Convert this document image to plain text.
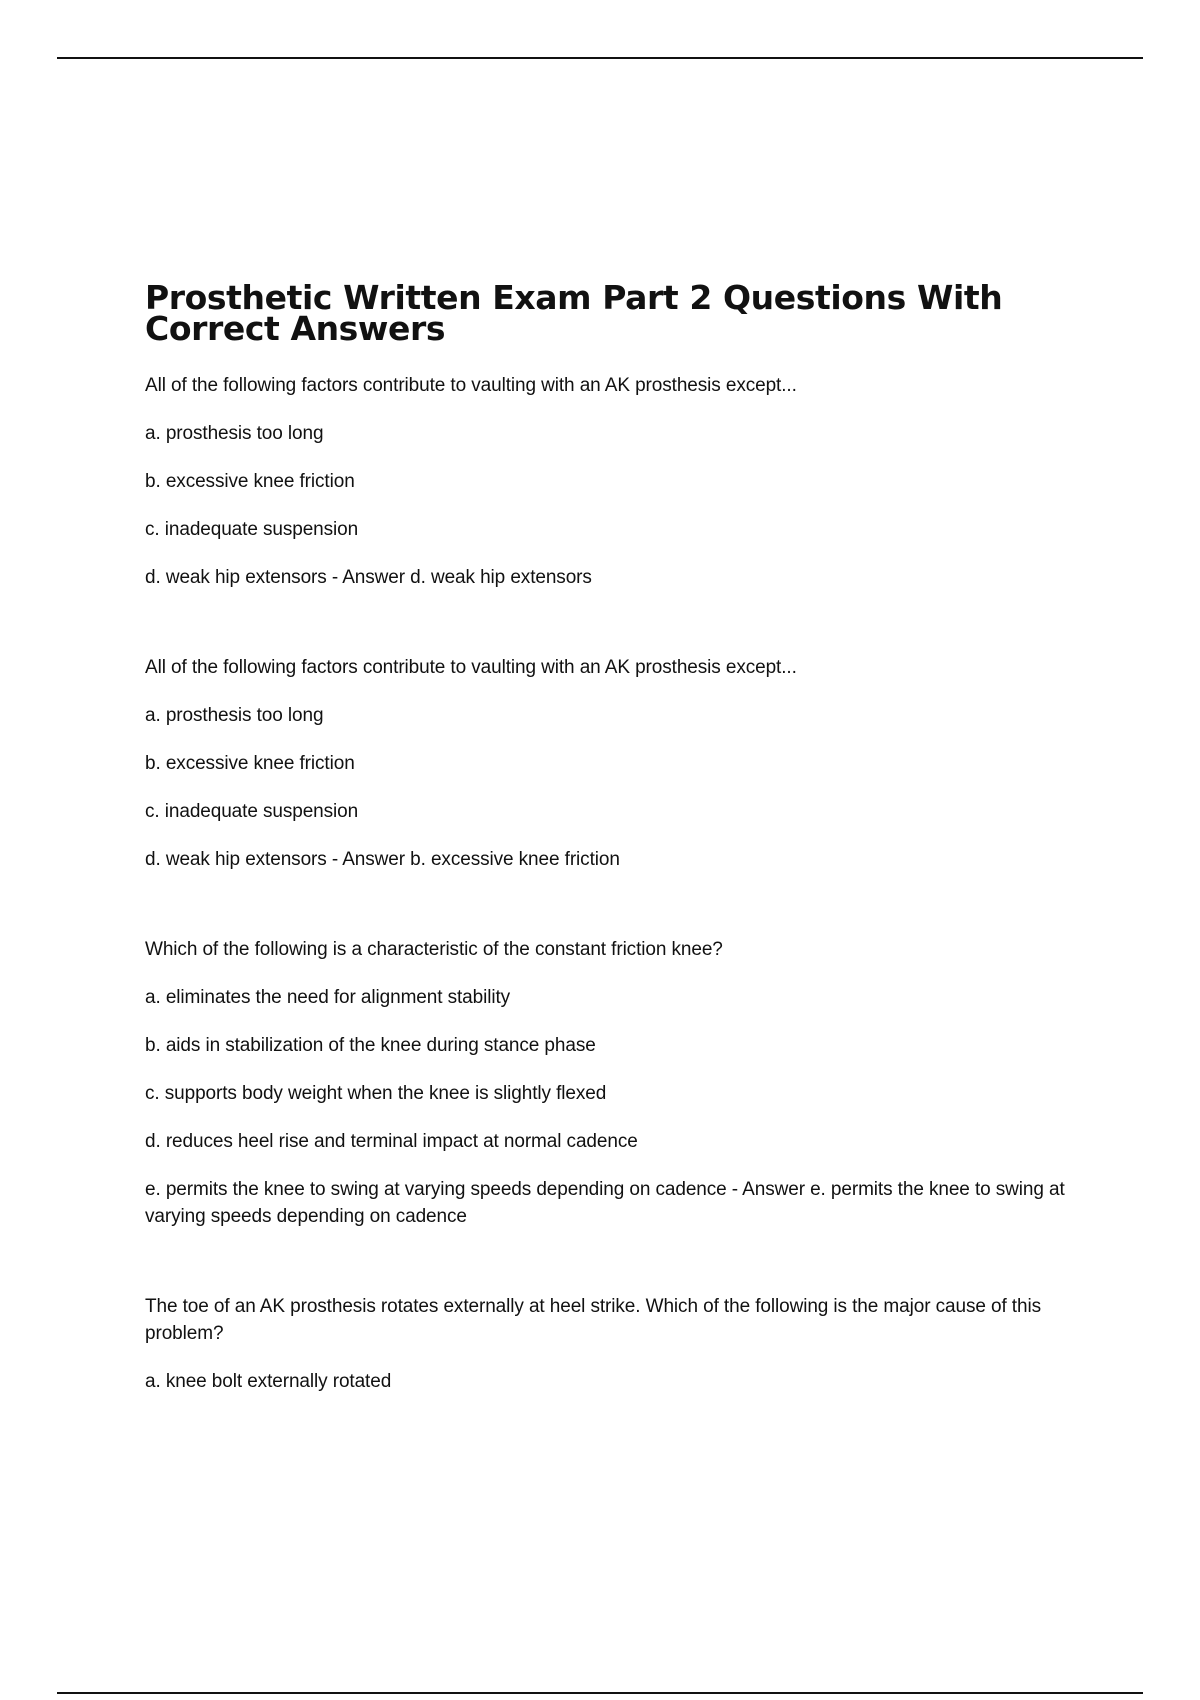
Prosthetic Written Exam Part 2 Questions With Correct Answers

All of the following factors contribute to vaulting with an AK prosthesis except...

a. prosthesis too long

b. excessive knee friction

c. inadequate suspension

d. weak hip extensors - Answer d. weak hip extensors

All of the following factors contribute to vaulting with an AK prosthesis except...

a. prosthesis too long

b. excessive knee friction

c. inadequate suspension

d. weak hip extensors - Answer b. excessive knee friction

Which of the following is a characteristic of the constant friction knee?

a. eliminates the need for alignment stability

b. aids in stabilization of the knee during stance phase

c. supports body weight when the knee is slightly flexed

d. reduces heel rise and terminal impact at normal cadence

e. permits the knee to swing at varying speeds depending on cadence - Answer e. permits the knee to swing at varying speeds depending on cadence

The toe of an AK prosthesis rotates externally at heel strike. Which of the following is the major cause of this problem?

a. knee bolt externally rotated
